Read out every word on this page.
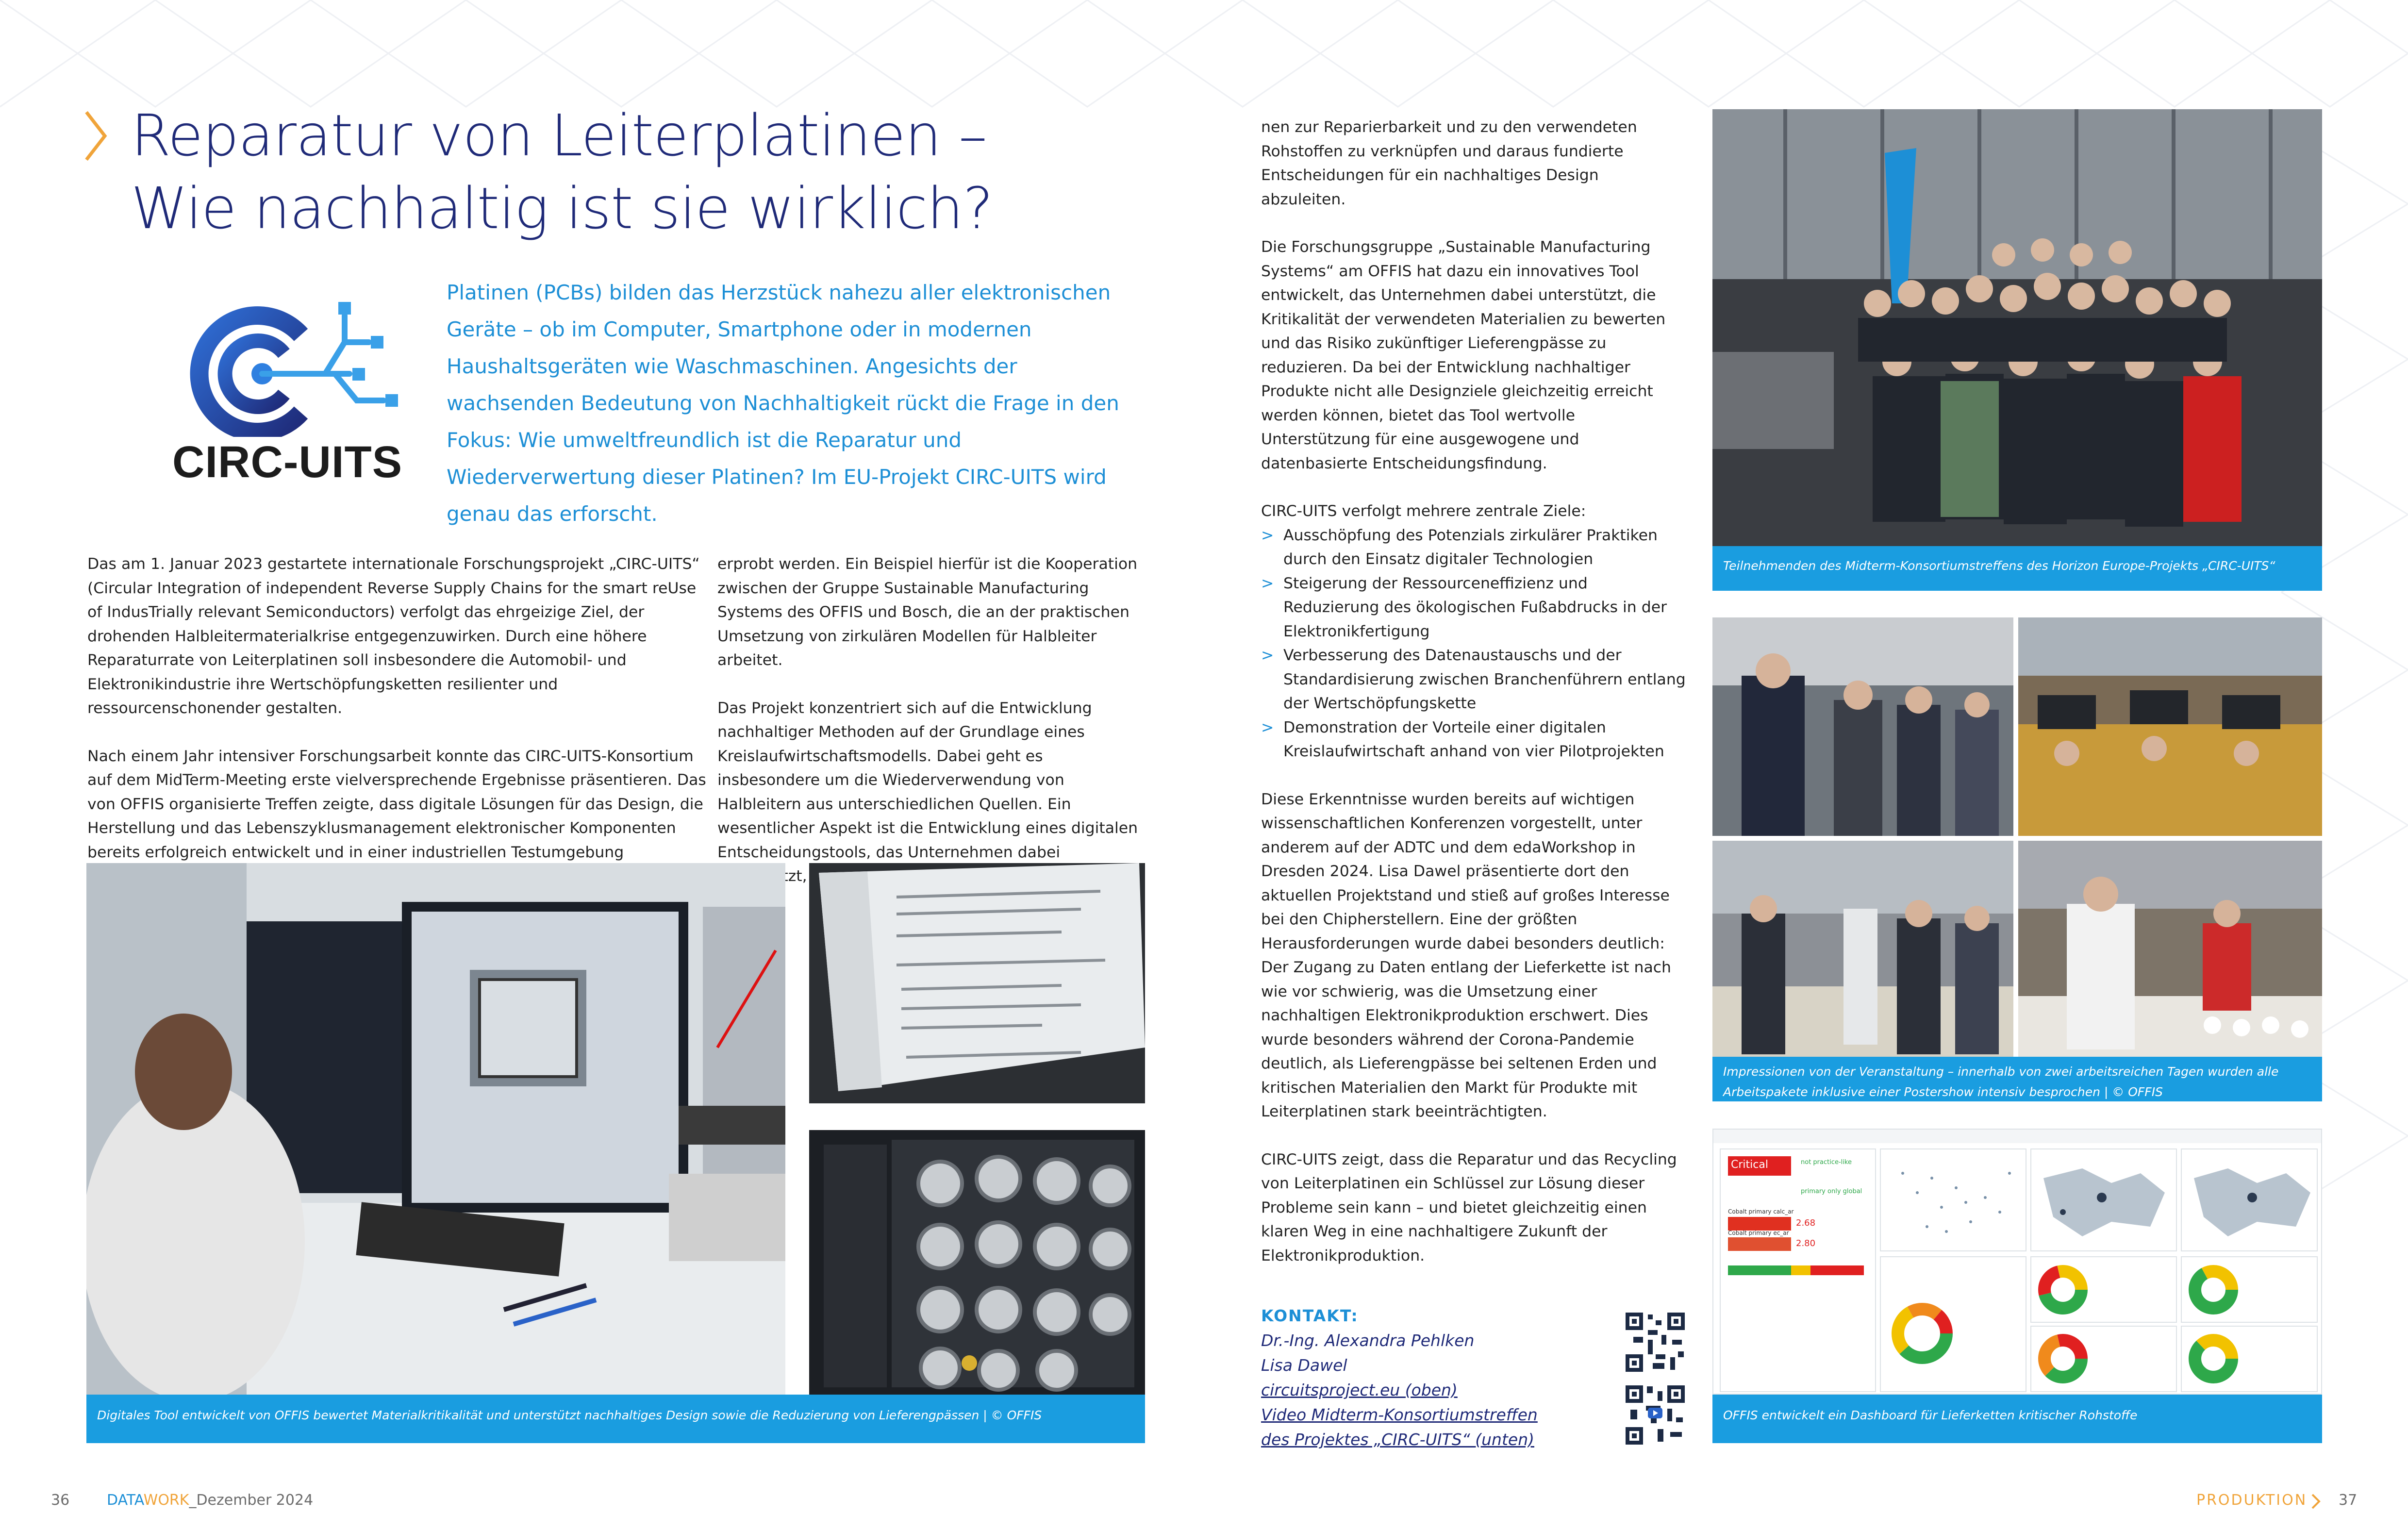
Reparatur von Leiterplatinen –
Wie nachhaltig ist sie wirklich?
CIRC-UITS
Platinen (PCBs) bilden das Herzstück nahezu aller elektronischen Geräte – ob im Computer, Smartphone oder in modernen Haushaltsgeräten wie Waschmaschinen. Angesichts der wachsenden Bedeutung von Nachhaltigkeit rückt die Frage in den Fokus: Wie umweltfreundlich ist die Reparatur und Wiederverwertung dieser Platinen? Im EU-Projekt CIRC-UITS wird genau das erforscht.

Das am 1. Januar 2023 gestartete internationale Forschungsprojekt „CIRC-UITS“ (Circular Integration of independent Reverse Supply Chains for the smart reUse of IndusTrially relevant Semiconductors) verfolgt das ehrgeizige Ziel, der drohenden Halbleitermaterialkrise entgegenzuwirken. Durch eine höhere Reparaturrate von Leiterplatinen soll insbesondere die Automobil- und Elektronikindustrie ihre Wertschöpfungsketten resilienter und ressourcenschonender gestalten.

Nach einem Jahr intensiver Forschungsarbeit konnte das CIRC-UITS-Konsortium auf dem MidTerm-Meeting erste vielversprechende Ergebnisse präsentieren. Das von OFFIS organisierte Treffen zeigte, dass digitale Lösungen für das Design, die Herstellung und das Lebenszyklusmanagement elektronischer Komponenten bereits erfolgreich entwickelt und in einer industriellen Testumgebung

erprobt werden. Ein Beispiel hierfür ist die Kooperation zwischen der Gruppe Sustainable Manufacturing Systems des OFFIS und Bosch, die an der praktischen Umsetzung von zirkulären Modellen für Halbleiter arbeitet.

Das Projekt konzentriert sich auf die Entwicklung nachhaltiger Methoden auf der Grundlage eines Kreislaufwirtschaftsmodells. Dabei geht es insbesondere um die Wiederverwendung von Halbleitern aus unterschiedlichen Quellen. Ein wesentlicher Aspekt ist die Entwicklung eines digitalen Entscheidungstools, das Unternehmen dabei

Digitales Tool entwickelt von OFFIS bewertet Materialkritikalität und unterstützt nachhaltiges Design sowie die Reduzierung von Lieferengpässen | © OFFIS

nen zur Reparierbarkeit und zu den verwendeten Rohstoffen zu verknüpfen und daraus fundierte Entscheidungen für ein nachhaltiges Design abzuleiten.

Die Forschungsgruppe „Sustainable Manufacturing Systems“ am OFFIS hat dazu ein innovatives Tool entwickelt, das Unternehmen dabei unterstützt, die Kritikalität der verwendeten Materialien zu bewerten und das Risiko zukünftiger Lieferengpässe zu reduzieren. Da bei der Entwicklung nachhaltiger Produkte nicht alle Designziele gleichzeitig erreicht werden können, bietet das Tool wertvolle Unterstützung für eine ausgewogene und datenbasierte Entscheidungsfindung.

CIRC-UITS verfolgt mehrere zentrale Ziele:
> Ausschöpfung des Potenzials zirkulärer Praktiken durch den Einsatz digitaler Technologien
> Steigerung der Ressourceneffizienz und Reduzierung des ökologischen Fußabdrucks in der Elektronikfertigung
> Verbesserung des Datenaustauschs und der Standardisierung zwischen Branchenführern entlang der Wertschöpfungskette
> Demonstration der Vorteile einer digitalen Kreislaufwirtschaft anhand von vier Pilotprojekten

Diese Erkenntnisse wurden bereits auf wichtigen wissenschaftlichen Konferenzen vorgestellt, unter anderem auf der ADTC und dem edaWorkshop in Dresden 2024. Lisa Dawel präsentierte dort den aktuellen Projektstand und stieß auf großes Interesse bei den Chipherstellern. Eine der größten Herausforderungen wurde dabei besonders deutlich: Der Zugang zu Daten entlang der Lieferkette ist nach wie vor schwierig, was die Umsetzung einer nachhaltigen Elektronikproduktion erschwert. Dies wurde besonders während der Corona-Pandemie deutlich, als Lieferengpässe bei seltenen Erden und kritischen Materialien den Markt für Produkte mit Leiterplatinen stark beeinträchtigten.

CIRC-UITS zeigt, dass die Reparatur und das Recycling von Leiterplatinen ein Schlüssel zur Lösung dieser Probleme sein kann – und bietet gleichzeitig einen klaren Weg in eine nachhaltigere Zukunft der Elektronikproduktion.

KONTAKT:
Dr.-Ing. Alexandra Pehlken
Lisa Dawel
circuitsproject.eu (oben)
Video Midterm-Konsortiumstreffen
des Projektes „CIRC-UITS“ (unten)
Teilnehmenden des Midterm-Konsortiumstreffens des Horizon Europe-Projekts „CIRC-UITS“
Impressionen von der Veranstaltung – innerhalb von zwei arbeitsreichen Tagen wurden alle Arbeitspakete inklusive einer Postershow intensiv besprochen | © OFFIS
Critical	not practice-like
primary only global
Cobalt primary calc_ar
2.68
Cobalt primary ec_ar
2.80
OFFIS entwickelt ein Dashboard für Lieferketten kritischer Rohstoffe
36	DATAWORK_Dezember 2024	PRODUKTION 37
